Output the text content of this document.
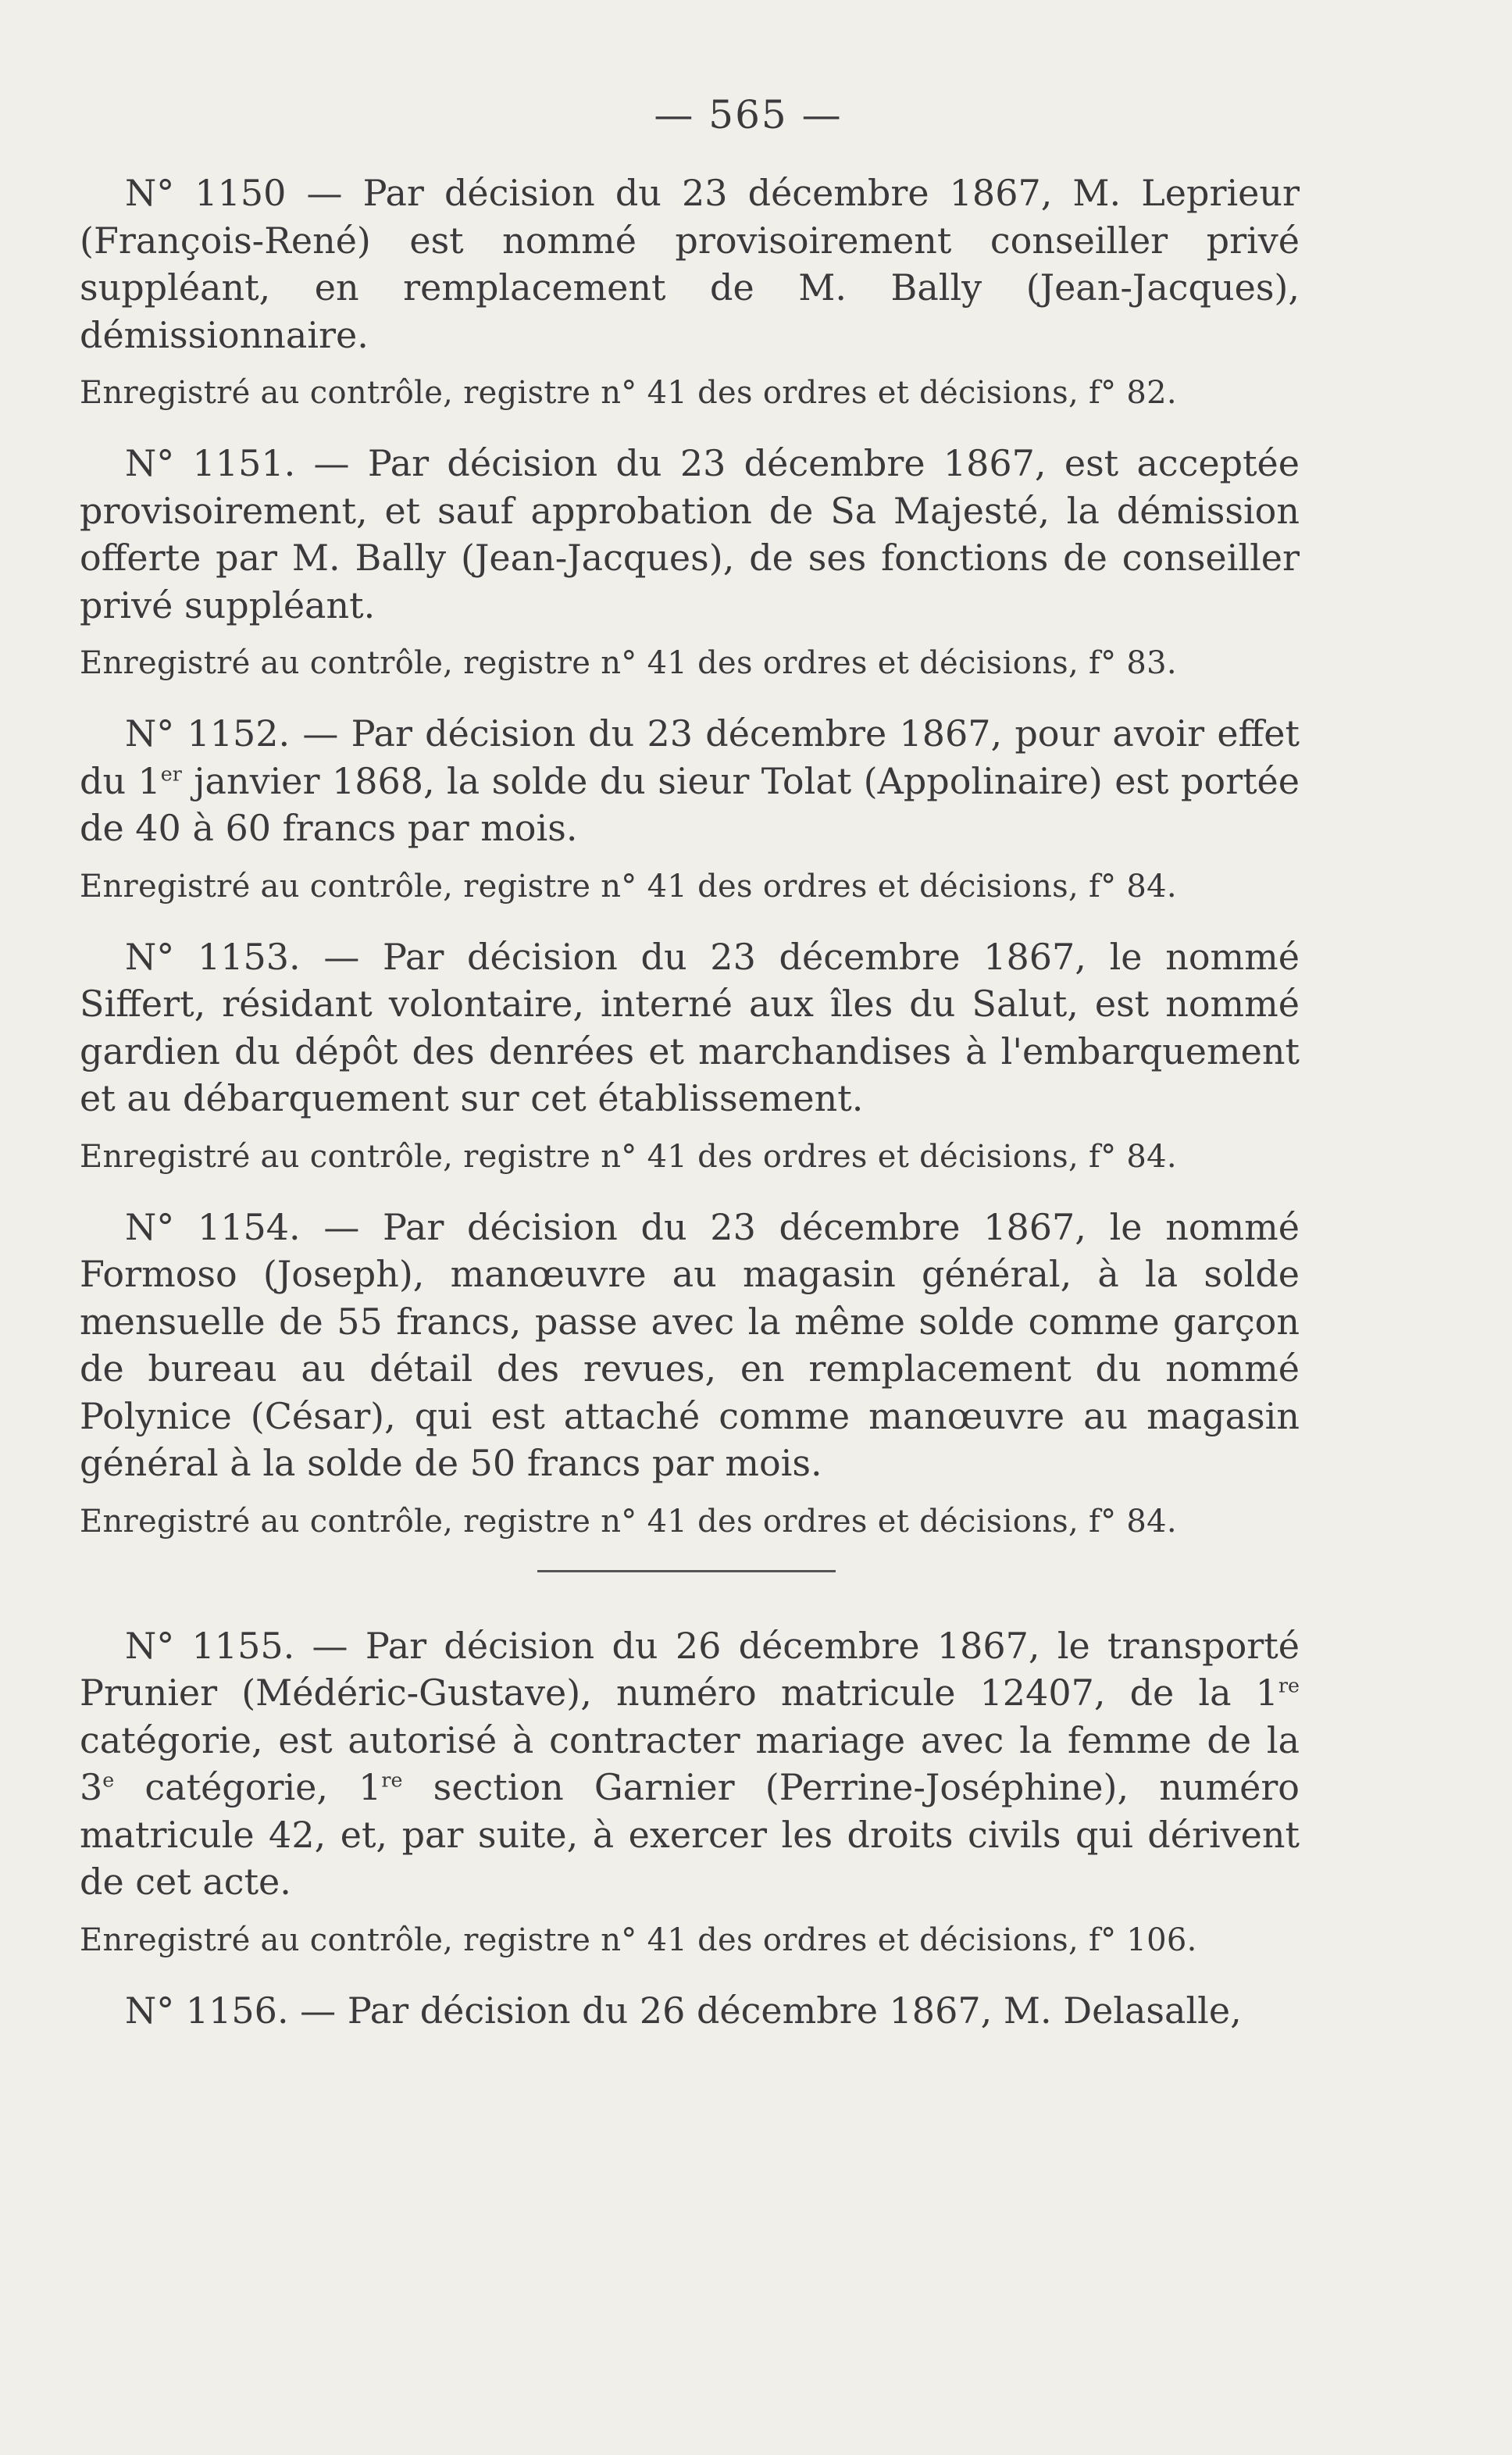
— 565 —

N° 1150 — Par décision du 23 décembre 1867, M. Leprieur (François-René) est nommé provisoirement conseiller privé suppléant, en remplacement de M. Bally (Jean-Jacques), démissionnaire.

Enregistré au contrôle, registre n° 41 des ordres et décisions, f° 82.

N° 1151. — Par décision du 23 décembre 1867, est acceptée provisoirement, et sauf approbation de Sa Majesté, la démission offerte par M. Bally (Jean-Jacques), de ses fonctions de conseiller privé suppléant.

Enregistré au contrôle, registre n° 41 des ordres et décisions, f° 83.

N° 1152. — Par décision du 23 décembre 1867, pour avoir effet du 1er janvier 1868, la solde du sieur Tolat (Appolinaire) est portée de 40 à 60 francs par mois.

Enregistré au contrôle, registre n° 41 des ordres et décisions, f° 84.

N° 1153. — Par décision du 23 décembre 1867, le nommé Siffert, résidant volontaire, interné aux îles du Salut, est nommé gardien du dépôt des denrées et marchandises à l'embarquement et au débarquement sur cet établissement.

Enregistré au contrôle, registre n° 41 des ordres et décisions, f° 84.

N° 1154. — Par décision du 23 décembre 1867, le nommé Formoso (Joseph), manœuvre au magasin général, à la solde mensuelle de 55 francs, passe avec la même solde comme garçon de bureau au détail des revues, en remplacement du nommé Polynice (César), qui est attaché comme manœuvre au magasin général à la solde de 50 francs par mois.

Enregistré au contrôle, registre n° 41 des ordres et décisions, f° 84.

N° 1155. — Par décision du 26 décembre 1867, le transporté Prunier (Médéric-Gustave), numéro matricule 12407, de la 1re catégorie, est autorisé à contracter mariage avec la femme de la 3e catégorie, 1re section Garnier (Perrine-Joséphine), numéro matricule 42, et, par suite, à exercer les droits civils qui dérivent de cet acte.

Enregistré au contrôle, registre n° 41 des ordres et décisions, f° 106.

N° 1156. — Par décision du 26 décembre 1867, M. Delasalle,
